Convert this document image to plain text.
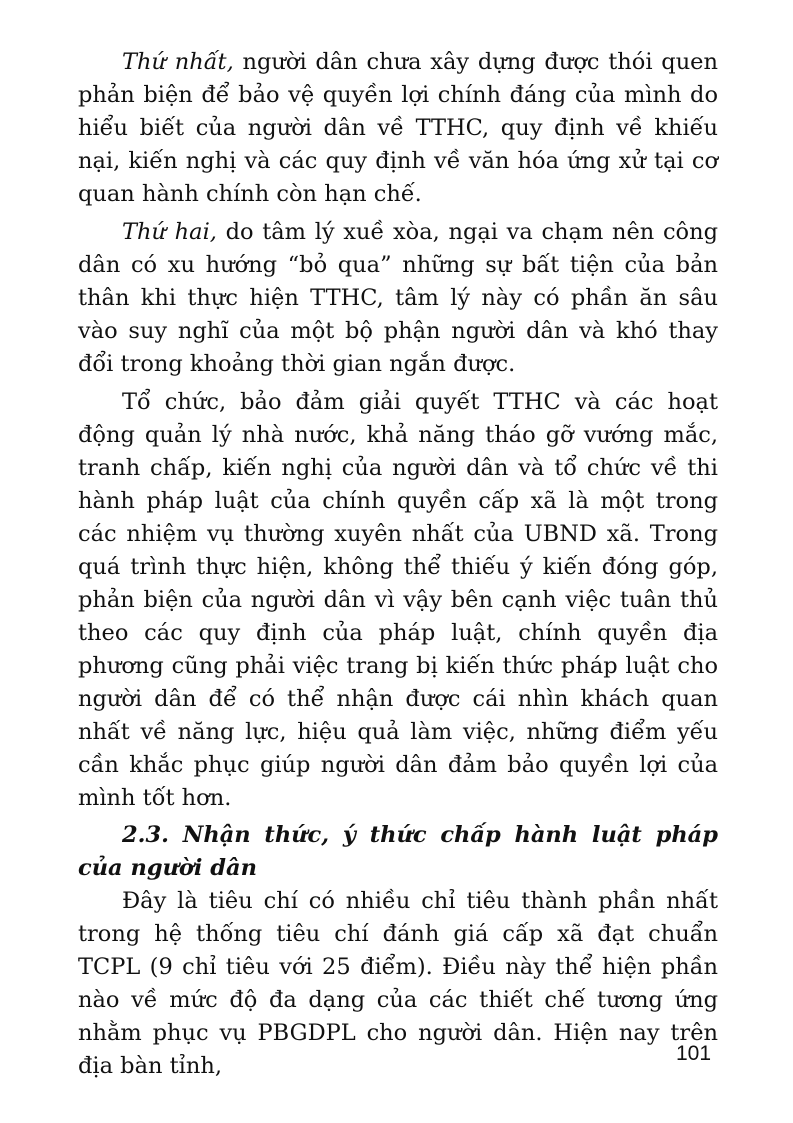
Thứ nhất, người dân chưa xây dựng được thói quen phản biện để bảo vệ quyền lợi chính đáng của mình do hiểu biết của người dân về TTHC, quy định về khiếu nại, kiến nghị và các quy định về văn hóa ứng xử tại cơ quan hành chính còn hạn chế.

Thứ hai, do tâm lý xuề xòa, ngại va chạm nên công dân có xu hướng “bỏ qua” những sự bất tiện của bản thân khi thực hiện TTHC, tâm lý này có phần ăn sâu vào suy nghĩ của một bộ phận người dân và khó thay đổi trong khoảng thời gian ngắn được.

Tổ chức, bảo đảm giải quyết TTHC và các hoạt động quản lý nhà nước, khả năng tháo gỡ vướng mắc, tranh chấp, kiến nghị của người dân và tổ chức về thi hành pháp luật của chính quyền cấp xã là một trong các nhiệm vụ thường xuyên nhất của UBND xã. Trong quá trình thực hiện, không thể thiếu ý kiến đóng góp, phản biện của người dân vì vậy bên cạnh việc tuân thủ theo các quy định của pháp luật, chính quyền địa phương cũng phải việc trang bị kiến thức pháp luật cho người dân để có thể nhận được cái nhìn khách quan nhất về năng lực, hiệu quả làm việc, những điểm yếu cần khắc phục giúp người dân đảm bảo quyền lợi của mình tốt hơn.

2.3. Nhận thức, ý thức chấp hành luật pháp của người dân

Đây là tiêu chí có nhiều chỉ tiêu thành phần nhất trong hệ thống tiêu chí đánh giá cấp xã đạt chuẩn TCPL (9 chỉ tiêu với 25 điểm). Điều này thể hiện phần nào về mức độ đa dạng của các thiết chế tương ứng nhằm phục vụ PBGDPL cho người dân. Hiện nay trên địa bàn tỉnh,	101
